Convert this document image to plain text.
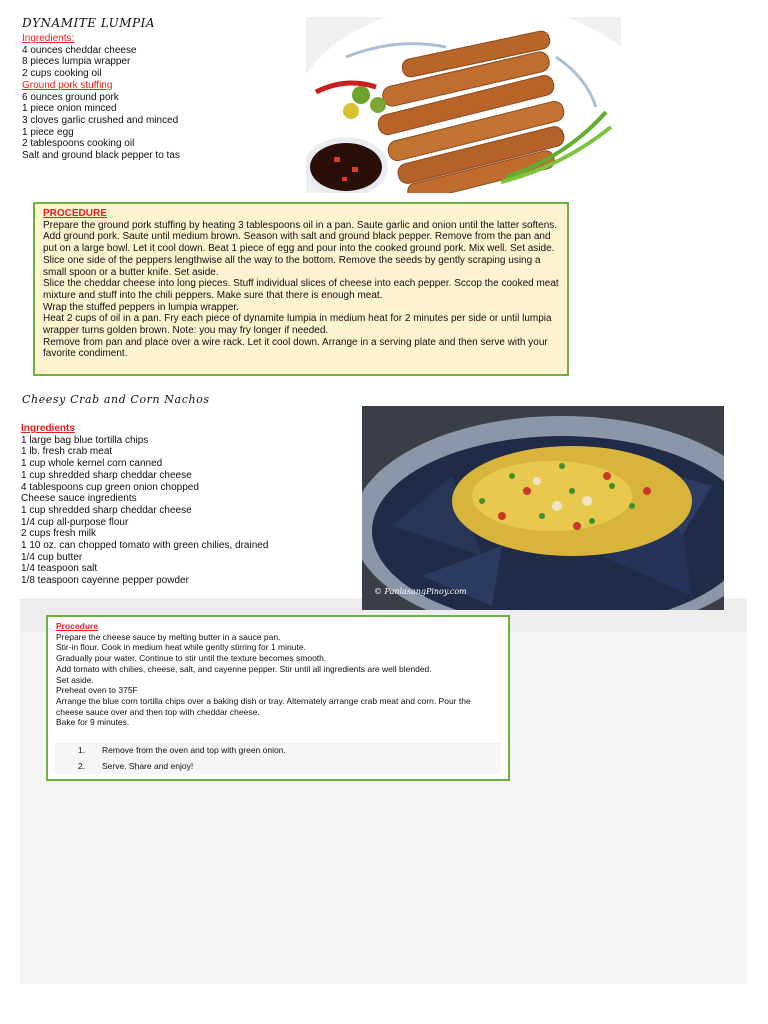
DYNAMITE LUMPIA
Ingredients:
4 ounces cheddar cheese
8 pieces lumpia wrapper
2 cups cooking oil
Ground pork stuffing
6 ounces ground pork
1 piece onion minced
3 cloves garlic crushed and minced
1 piece egg
2 tablespoons cooking oil
Salt and ground black pepper to tas
PanlasangPinoy.com
PROCEDURE
Prepare the ground pork stuffing by heating 3 tablespoons oil in a pan. Saute garlic and onion until the latter softens. Add ground pork. Saute until medium brown. Season with salt and ground black pepper. Remove from the pan and put on a large bowl. Let it cool down. Beat 1 piece of egg and pour into the cooked ground pork. Mix well. Set aside.
Slice one side of the peppers lengthwise all the way to the bottom. Remove the seeds by gently scraping using a small spoon or a butter knife. Set aside.
Slice the cheddar cheese into long pieces. Stuff individual slices of cheese into each pepper. Sccop the cooked meat mixture and stuff into the chili peppers. Make sure that there is enough meat.
Wrap the stuffed peppers in lumpia wrapper.
Heat 2 cups of oil in a pan. Fry each piece of dynamite lumpia in medium heat for 2 minutes per side or until lumpia wrapper turns golden brown. Note: you may fry longer if needed.
Remove from pan and place over a wire rack. Let it cool down. Arrange in a serving plate and then serve with your favorite condiment.
Cheesy Crab and Corn Nachos
Ingredients
1 large bag blue tortilla chips
1 lb. fresh crab meat
1 cup whole kernel corn canned
1 cup shredded sharp cheddar cheese
4 tablespoons cup green onion chopped
Cheese sauce ingredients
1 cup shredded sharp cheddar cheese
1/4 cup all-purpose flour
2 cups fresh milk
1 10 oz. can chopped tomato with green chilies, drained
1/4 cup butter
1/4 teaspoon salt
1/8 teaspoon cayenne pepper powder
© PanlasangPinoy.com
Procedure
Prepare the cheese sauce by melting butter in a sauce pan.
Stir-in flour. Cook in medium heat while gently stirring for 1 minute.
Gradually pour water. Continue to stir until the texture becomes smooth.
Add tomato with chilies, cheese, salt, and cayenne pepper. Stir until all ingredients are well blended.
Set aside.
Preheat oven to 375F
Arrange the blue corn tortilla chips over a baking dish or tray. Alternately arrange crab meat and corn. Pour the cheese sauce over and then top with cheddar cheese.
Bake for 9 minutes.
1. Remove from the oven and top with green onion.
2. Serve. Share and enjoy!
